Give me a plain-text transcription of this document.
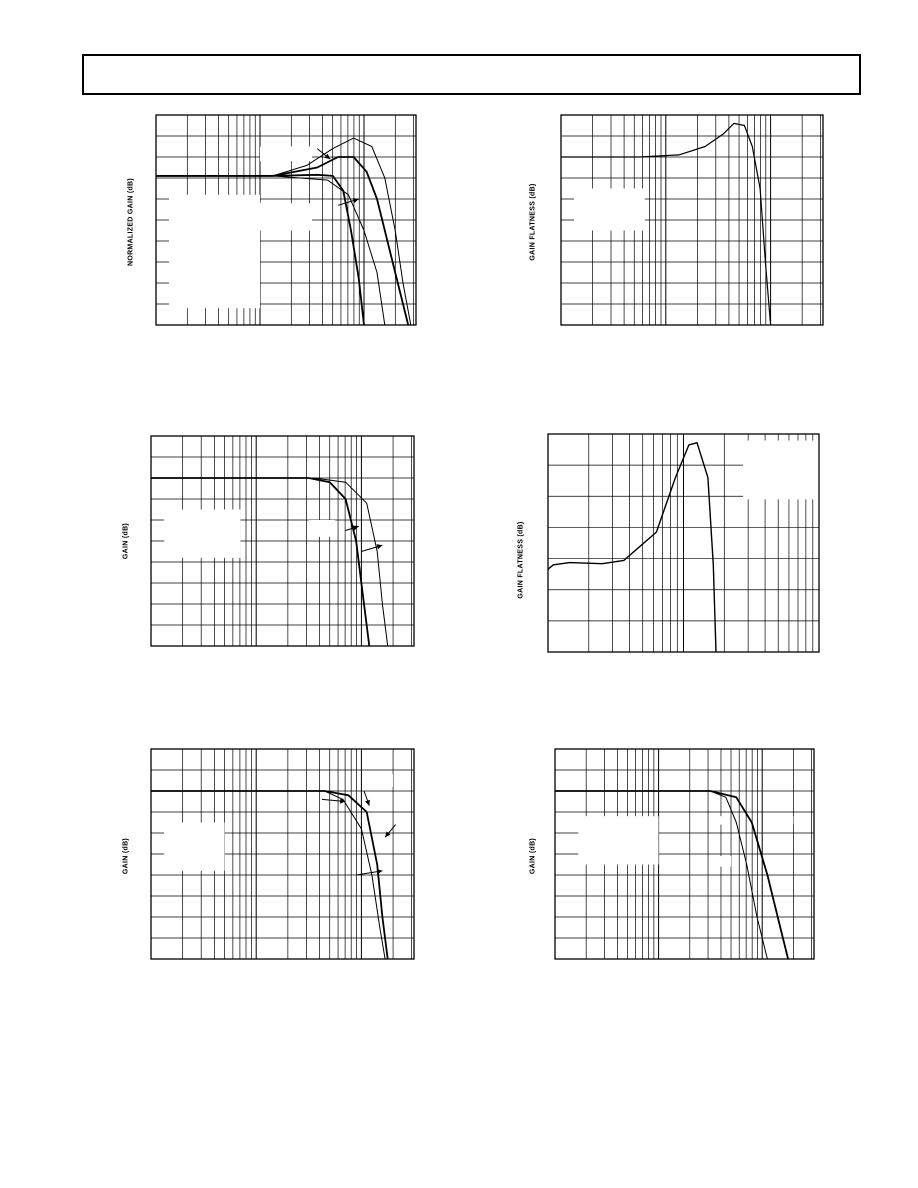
NORMALIZED GAIN (dB)	GAIN FLATNESS (dB)
GAIN (dB)	GAIN FLATNESS (dB)
GAIN (dB)	GAIN (dB)
